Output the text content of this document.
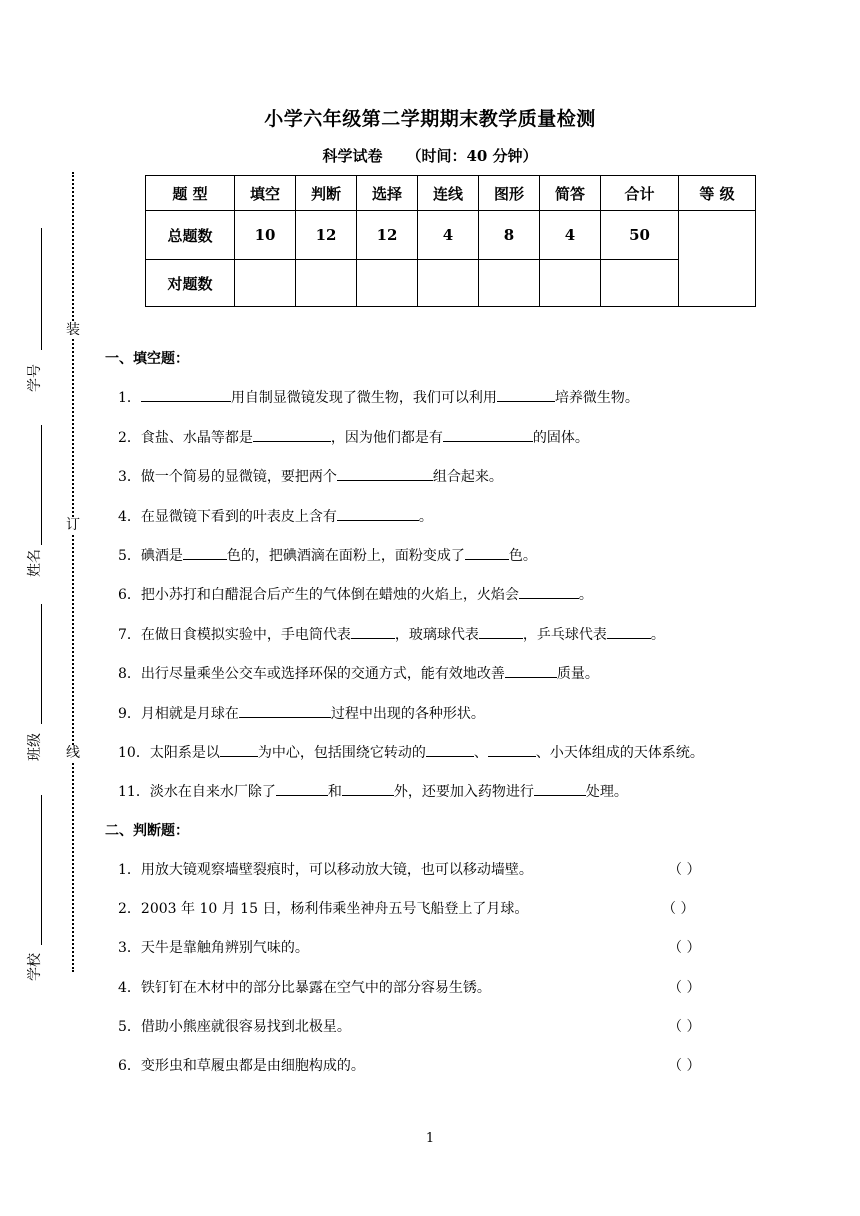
小学六年级第二学期期末教学质量检测
科学试卷 （时间：40 分钟）
题 型	填空	判断	选择	连线	图形	简答	合计	等 级
总题数	10	12	12	4	8	4	50	
对题数								
装
订
线
学号
姓名
班级
学校
一、填空题：
1．	用自制显微镜发现了微生物，我们可以利用	培养微生物。
2．食盐、水晶等都是	，因为他们都是有	的固体。
3．做一个简易的显微镜，要把两个	组合起来。
4．在显微镜下看到的叶表皮上含有	。
5．碘酒是	色的，把碘酒滴在面粉上，面粉变成了	色。
6．把小苏打和白醋混合后产生的气体倒在蜡烛的火焰上，火焰会	。
7．在做日食模拟实验中，手电筒代表	，玻璃球代表	，乒乓球代表	。
8．出行尽量乘坐公交车或选择环保的交通方式，能有效地改善	质量。
9．月相就是月球在	过程中出现的各种形状。
10．太阳系是以	为中心，包括围绕它转动的	、	、小天体组成的天体系统。
11．淡水在自来水厂除了	和	外，还要加入药物进行	处理。
二、判断题：
1．用放大镜观察墙壁裂痕时，可以移动放大镜，也可以移动墙壁。	（ ）
2．2003 年 10 月 15 日，杨利伟乘坐神舟五号飞船登上了月球。	（ ）
3．天牛是靠触角辨别气味的。	（ ）
4．铁钉钉在木材中的部分比暴露在空气中的部分容易生锈。	（ ）
5．借助小熊座就很容易找到北极星。	（ ）
6．变形虫和草履虫都是由细胞构成的。	（ ）
1
